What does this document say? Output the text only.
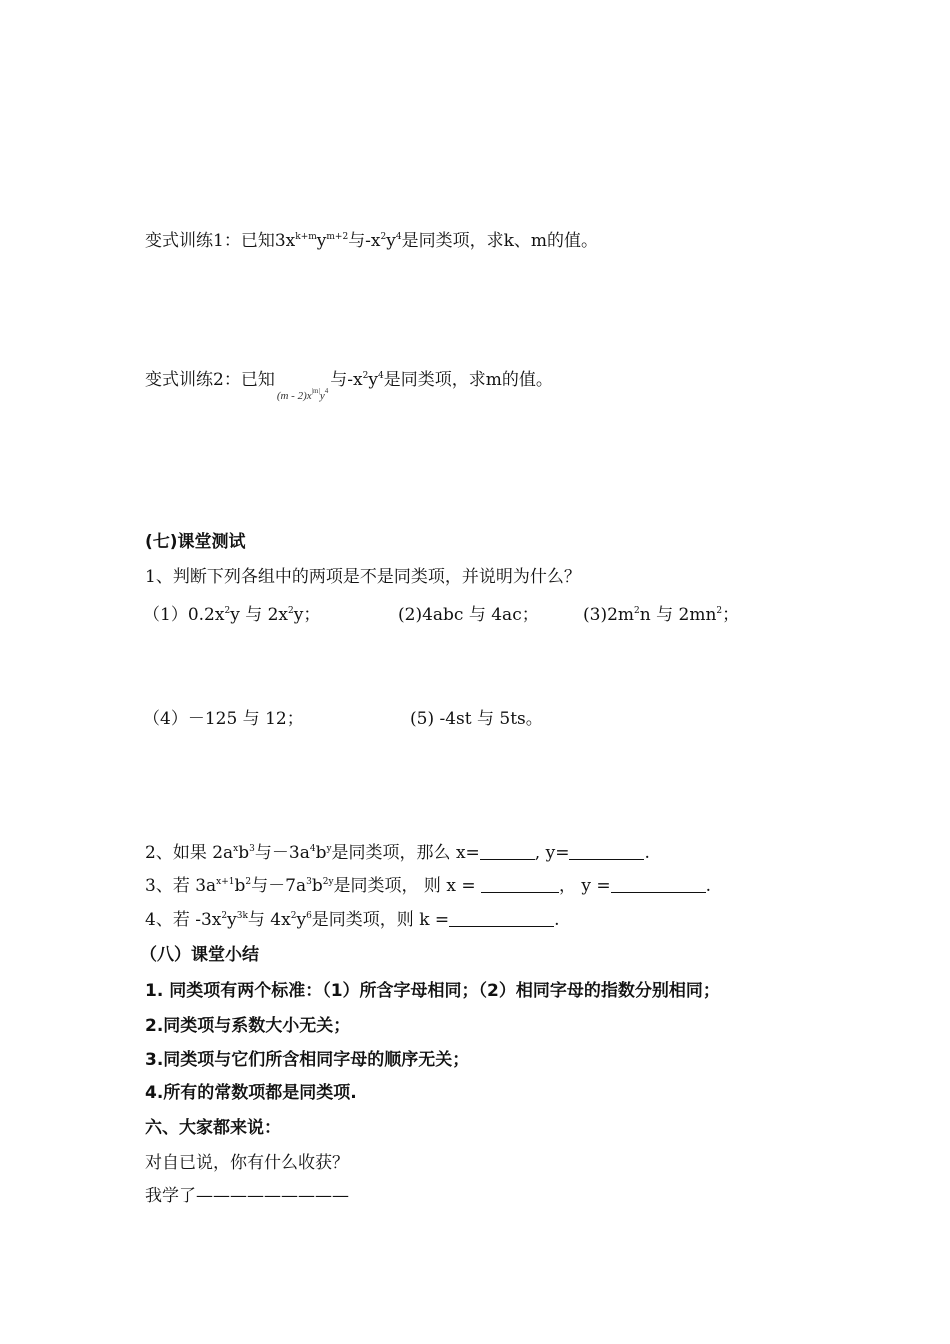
变式训练1：已知$3x^{k+m}y^{m+2}$与$-x^2y^4$是同类项，求k、m的值。
变式训练2：已知$(m - 2)x^{|m|}y^4$与$-x^2y^4$是同类项，求m的值。
(七)课堂测试
1、判断下列各组中的两项是不是同类项，并说明为什么？
$(1)0.2x^2y$ 与 $2x^2y$；	(2)4abc 与 4ac；	$(3)2m^2n$ 与 $2mn^2$；
（4）－125 与 12；	(5) -4st 与 5ts。
2、如果 $2a^xb^3$与$-3a^4b^y$是同类项，那么 x=	, y=	.
3、若 $3a^{x+1}b^2$与$-7a^3b^{2y}$是同类项， 则 x =	， y =	.
4、若 $-3x^2y^{3k}$与 $4x^2y^6$是同类项，则 k =	.
（八）课堂小结
1. 同类项有两个标准：（1）所含字母相同；（2）相同字母的指数分别相同；
2.同类项与系数大小无关；
3.同类项与它们所含相同字母的顺序无关；
4.所有的常数项都是同类项.
六、大家都来说：
对自已说，你有什么收获？
我学了—————————
